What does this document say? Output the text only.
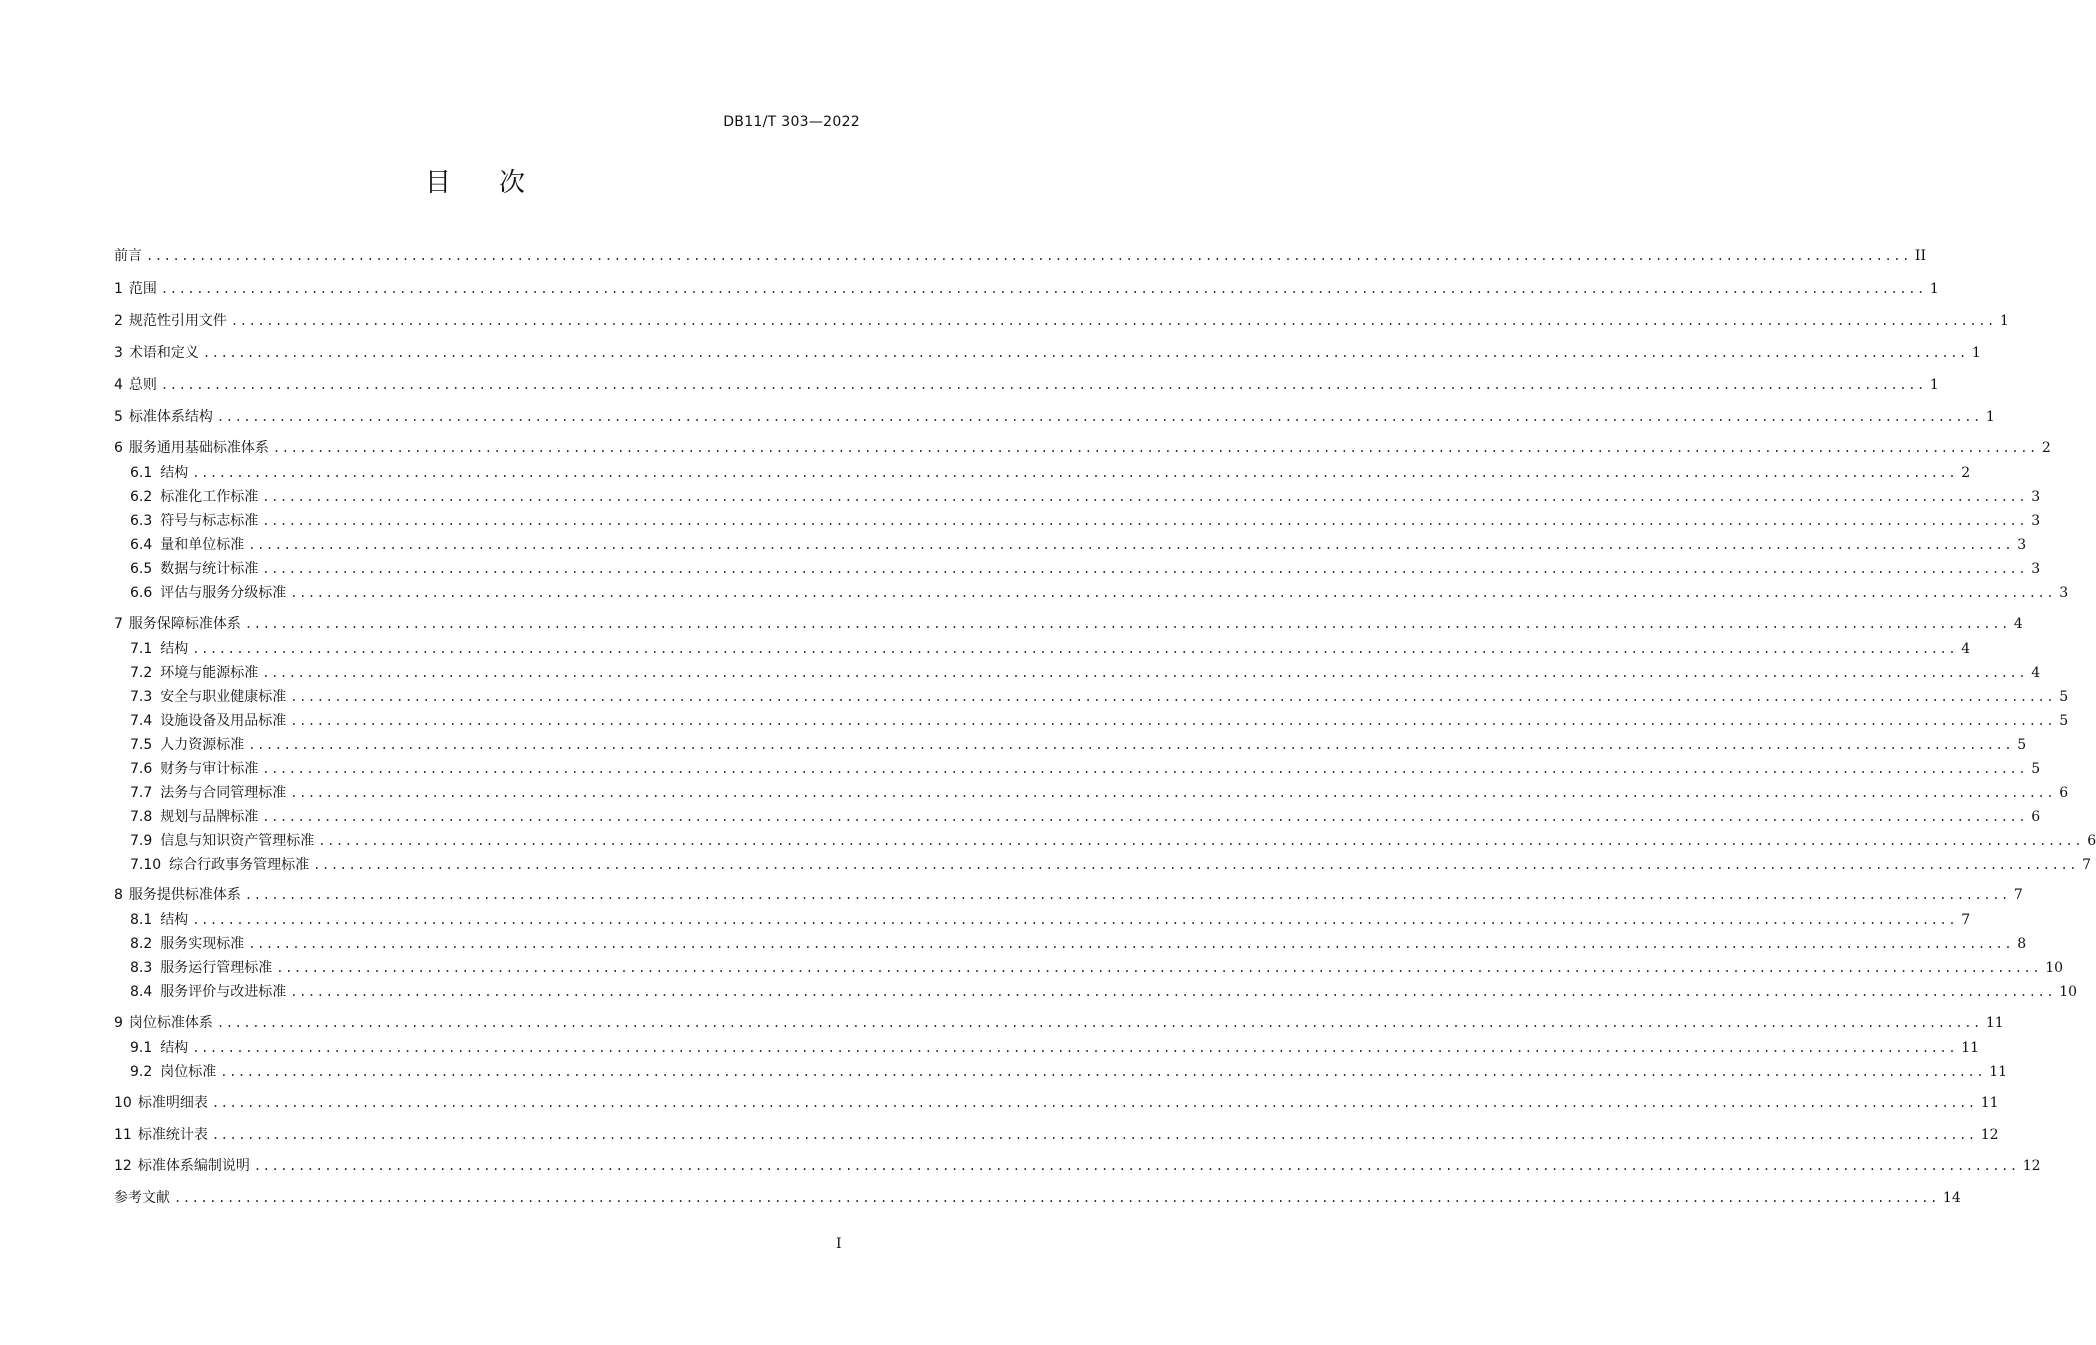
DB11/T 303—2022
目次
前言 ........................................................................................................................................................................................................ II
1 范围 ........................................................................................................................................................................................................ 1
2 规范性引用文件 ........................................................................................................................................................................................................ 1
3 术语和定义 ........................................................................................................................................................................................................ 1
4 总则 ........................................................................................................................................................................................................ 1
5 标准体系结构 ........................................................................................................................................................................................................ 1
6 服务通用基础标准体系 ........................................................................................................................................................................................................ 2
6.1 结构 ........................................................................................................................................................................................................ 2
6.2 标准化工作标准 ........................................................................................................................................................................................................ 3
6.3 符号与标志标准 ........................................................................................................................................................................................................ 3
6.4 量和单位标准 ........................................................................................................................................................................................................ 3
6.5 数据与统计标准 ........................................................................................................................................................................................................ 3
6.6 评估与服务分级标准 ........................................................................................................................................................................................................ 3
7 服务保障标准体系 ........................................................................................................................................................................................................ 4
7.1 结构 ........................................................................................................................................................................................................ 4
7.2 环境与能源标准 ........................................................................................................................................................................................................ 4
7.3 安全与职业健康标准 ........................................................................................................................................................................................................ 5
7.4 设施设备及用品标准 ........................................................................................................................................................................................................ 5
7.5 人力资源标准 ........................................................................................................................................................................................................ 5
7.6 财务与审计标准 ........................................................................................................................................................................................................ 5
7.7 法务与合同管理标准 ........................................................................................................................................................................................................ 6
7.8 规划与品牌标准 ........................................................................................................................................................................................................ 6
7.9 信息与知识资产管理标准 ........................................................................................................................................................................................................ 6
7.10 综合行政事务管理标准 ........................................................................................................................................................................................................ 7
8 服务提供标准体系 ........................................................................................................................................................................................................ 7
8.1 结构 ........................................................................................................................................................................................................ 7
8.2 服务实现标准 ........................................................................................................................................................................................................ 8
8.3 服务运行管理标准 ........................................................................................................................................................................................................ 10
8.4 服务评价与改进标准 ........................................................................................................................................................................................................ 10
9 岗位标准体系 ........................................................................................................................................................................................................ 11
9.1 结构 ........................................................................................................................................................................................................ 11
9.2 岗位标准 ........................................................................................................................................................................................................ 11
10 标准明细表 ........................................................................................................................................................................................................ 11
11 标准统计表 ........................................................................................................................................................................................................ 12
12 标准体系编制说明 ........................................................................................................................................................................................................ 12
参考文献 ........................................................................................................................................................................................................ 14
I
